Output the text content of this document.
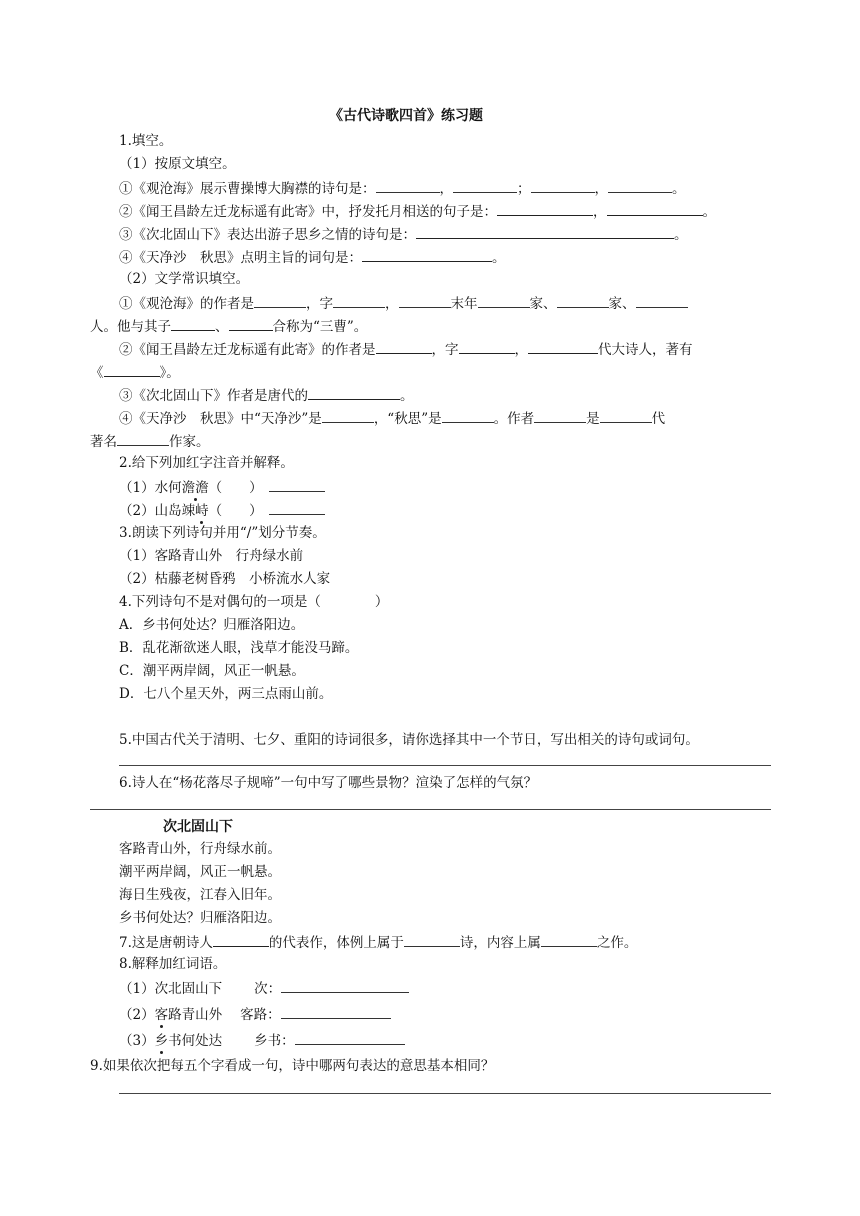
《古代诗歌四首》练习题
1.填空。
（1）按原文填空。
①《观沧海》展示曹操博大胸襟的诗句是：	，	；	，	。
②《闻王昌龄左迁龙标遥有此寄》中，抒发托月相送的句子是：	，	。
③《次北固山下》表达出游子思乡之情的诗句是：	。
④《天净沙　秋思》点明主旨的词句是：	。
（2）文学常识填空。
①《观沧海》的作者是	，字	，	末年	家、	家、
人。他与其子	、	合称为“三曹”。
②《闻王昌龄左迁龙标遥有此寄》的作者是	，字	，	代大诗人，著有
《	》。
③《次北固山下》作者是唐代的	。
④《天净沙　秋思》中“天净沙”是	，“秋思”是	。作者	是	代
著名	作家。
2.给下列加红字注音并解释。
（1）水何澹澹（　　）
（2）山岛竦峙（　　）
3.朗读下列诗句并用“/”划分节奏。
（1）客路青山外　行舟绿水前
（2）枯藤老树昏鸦　小桥流水人家
4.下列诗句不是对偶句的一项是（　　　　）
A．乡书何处达？归雁洛阳边。
B．乱花渐欲迷人眼，浅草才能没马蹄。
C．潮平两岸阔，风正一帆悬。
D．七八个星天外，两三点雨山前。
5.中国古代关于清明、七夕、重阳的诗词很多，请你选择其中一个节日，写出相关的诗句或词句。
6.诗人在“杨花落尽子规啼”一句中写了哪些景物？渲染了怎样的气氛？
次北固山下
客路青山外，行舟绿水前。
潮平两岸阔，风正一帆悬。
海日生残夜，江春入旧年。
乡书何处达？归雁洛阳边。
7.这是唐朝诗人	的代表作，体例上属于	诗，内容上属	之作。
8.解释加红词语。
（1）次北固山下 次：
（2）客路青山外 客路：
（3）乡书何处达 乡书：
9.如果依次把每五个字看成一句，诗中哪两句表达的意思基本相同？
